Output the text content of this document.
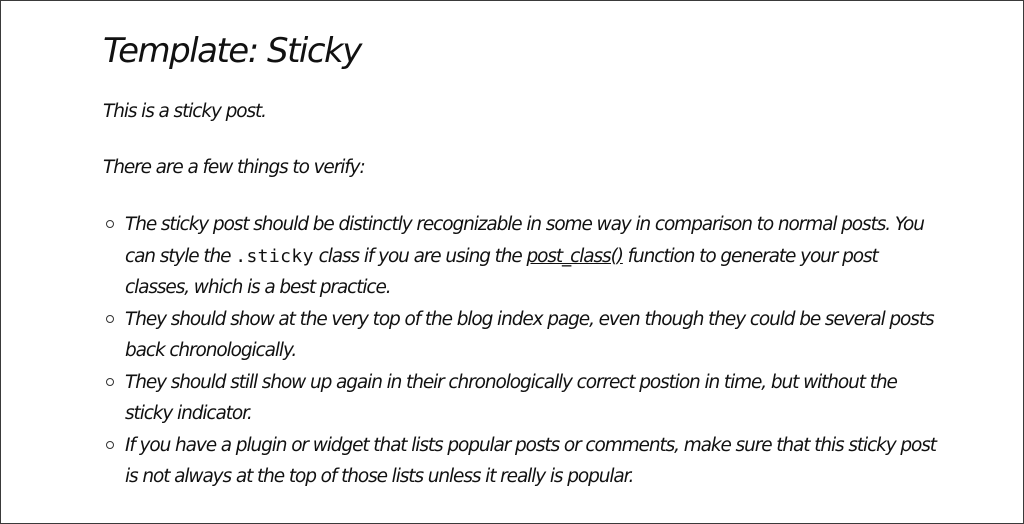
Template: Sticky

This is a sticky post.

There are a few things to verify:

The sticky post should be distinctly recognizable in some way in comparison to normal posts. You can style the .sticky class if you are using the post_class() function to generate your post classes, which is a best practice.
They should show at the very top of the blog index page, even though they could be several posts back chronologically.
They should still show up again in their chronologically correct postion in time, but without the sticky indicator.
If you have a plugin or widget that lists popular posts or comments, make sure that this sticky post is not always at the top of those lists unless it really is popular.
